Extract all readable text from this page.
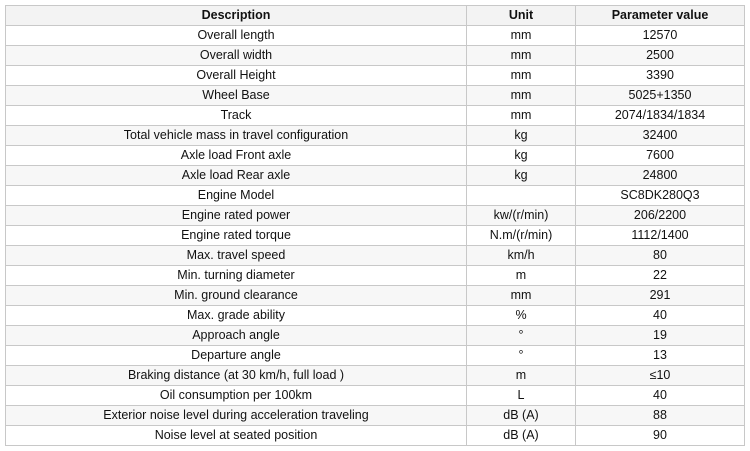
Description	Unit	Parameter value
Overall length	mm	12570
Overall width	mm	2500
Overall Height	mm	3390
Wheel Base	mm	5025+1350
Track	mm	2074/1834/1834
Total vehicle mass in travel configuration	kg	32400
Axle load Front axle	kg	7600
Axle load Rear axle	kg	24800
Engine Model		SC8DK280Q3
Engine rated power	kw/(r/min)	206/2200
Engine rated torque	N.m/(r/min)	1112/1400
Max. travel speed	km/h	80
Min. turning diameter	m	22
Min. ground clearance	mm	291
Max. grade ability	%	40
Approach angle	°	19
Departure angle	°	13
Braking distance (at 30 km/h, full load )	m	≤10
Oil consumption per 100km	L	40
Exterior noise level during acceleration traveling	dB (A)	88
Noise level at seated position	dB (A)	90
